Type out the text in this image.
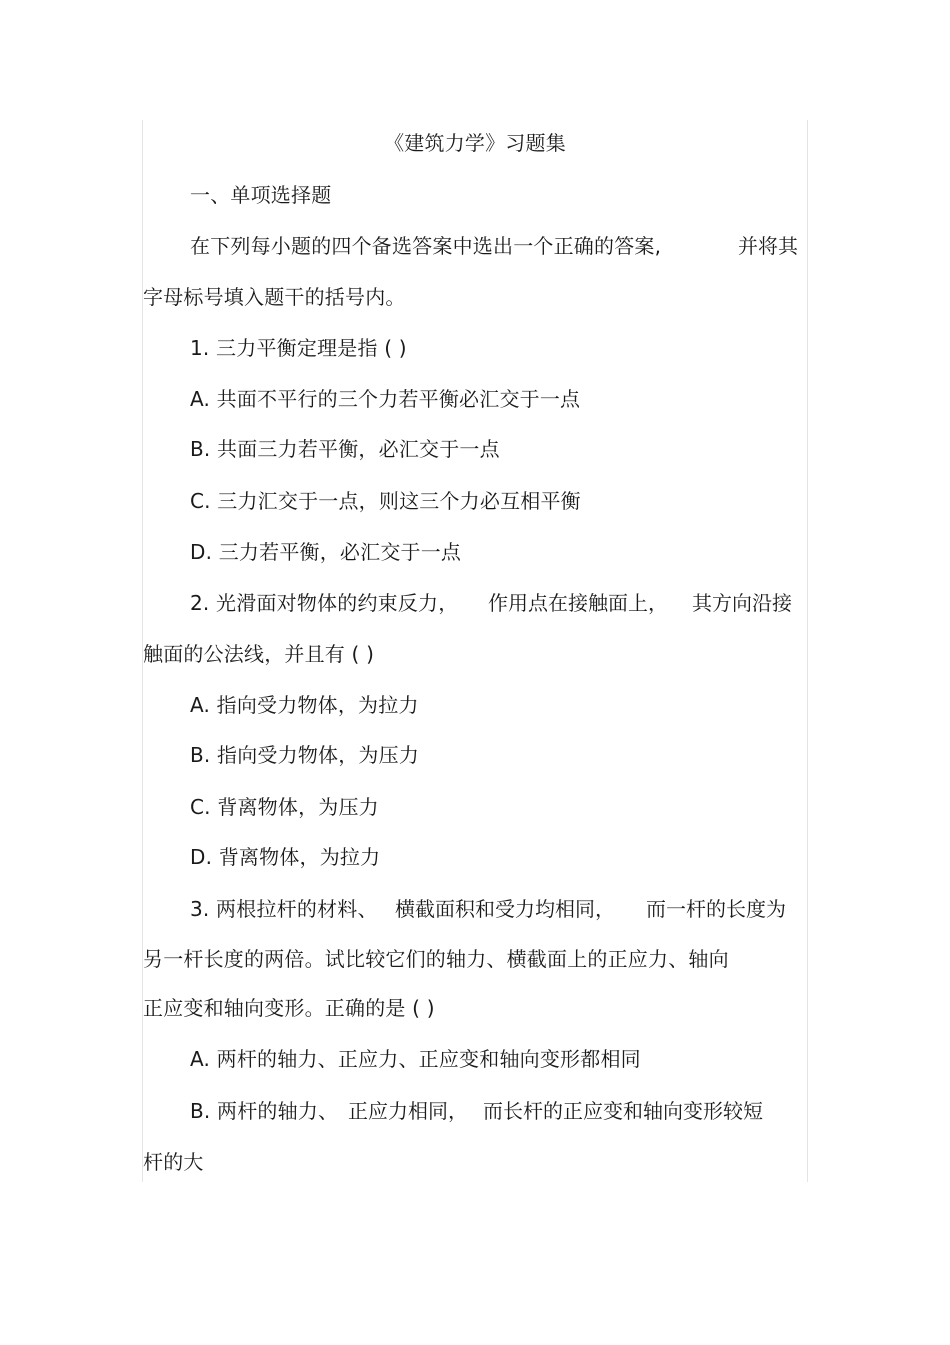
《建筑力学》习题集
一、单项选择题
在下列每小题的四个备选答案中选出一个正确的答案,	并将其
字母标号填入题干的括号内。
1. 三力平衡定理是指 ( )
A. 共面不平行的三个力若平衡必汇交于一点
B. 共面三力若平衡，必汇交于一点
C. 三力汇交于一点，则这三个力必互相平衡
D. 三力若平衡，必汇交于一点
2. 光滑面对物体的约束反力， 作用点在接触面上， 其方向沿接
触面的公法线，并且有 ( )
A. 指向受力物体，为拉力
B. 指向受力物体，为压力
C. 背离物体，为压力
D. 背离物体，为拉力
3. 两根拉杆的材料、 横截面积和受力均相同， 而一杆的长度为
另一杆长度的两倍。试比较它们的轴力、横截面上的正应力、轴向
正应变和轴向变形。正确的是 ( )
A. 两杆的轴力、正应力、正应变和轴向变形都相同
B. 两杆的轴力、 正应力相同， 而长杆的正应变和轴向变形较短
杆的大
